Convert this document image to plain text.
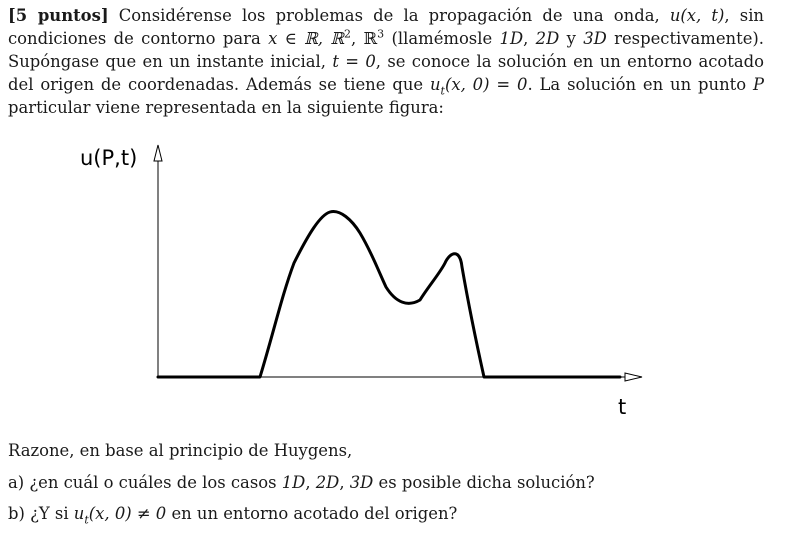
[5 puntos] Considérense los problemas de la propagación de una onda, u(x, t), sin condiciones de contorno para x ∈ ℝ, ℝ$^2$, ℝ$^3$ (llamémosle 1D, 2D y 3D respectivamente). Supóngase que en un instante inicial, t = 0, se conoce la solución en un entorno acotado del origen de coordenadas. Además se tiene que $u_t(x$, 0) = 0. La solución en un punto P particular viene representada en la siguiente figura:
u(P,t)
t
Razone, en base al principio de Huygens,
a) ¿en cuál o cuáles de los casos 1D, 2D, 3D es posible dicha solución?
b) ¿Y si $u_t(x$, 0) ≠ 0 en un entorno acotado del origen?
